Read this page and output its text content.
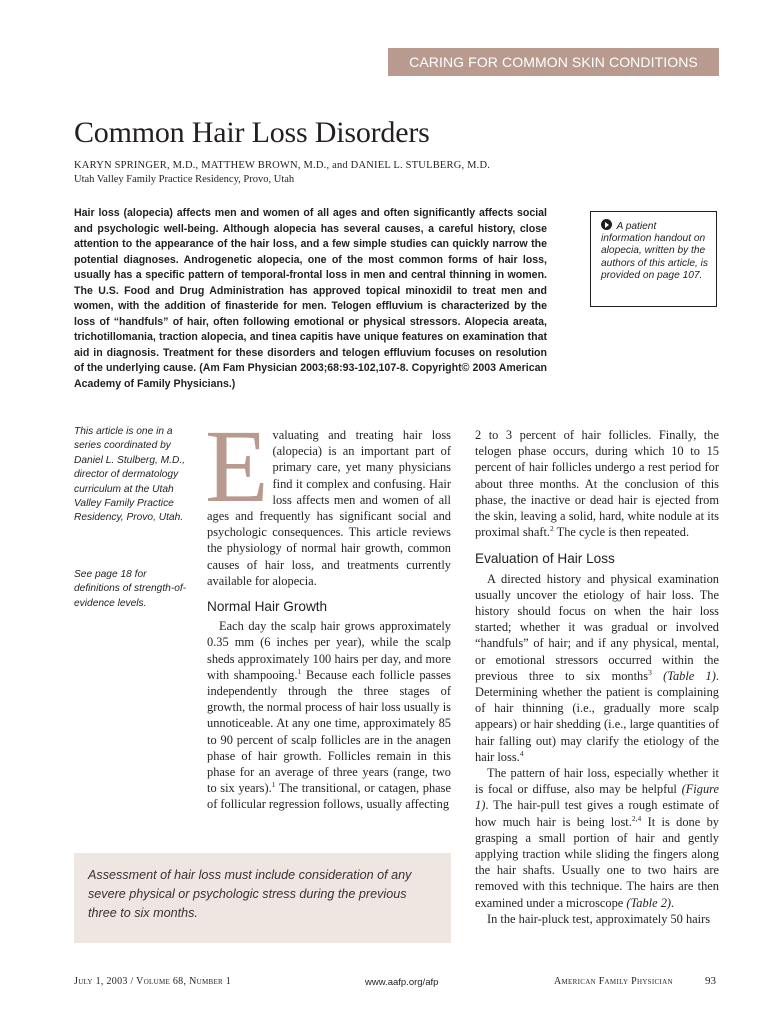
CARING FOR COMMON SKIN CONDITIONS
Common Hair Loss Disorders
KARYN SPRINGER, M.D., MATTHEW BROWN, M.D., and DANIEL L. STULBERG, M.D.
Utah Valley Family Practice Residency, Provo, Utah

Hair loss (alopecia) affects men and women of all ages and often significantly affects social and psychologic well-being. Although alopecia has several causes, a careful history, close attention to the appearance of the hair loss, and a few simple studies can quickly narrow the potential diagnoses. Androgenetic alopecia, one of the most common forms of hair loss, usually has a specific pattern of temporal-frontal loss in men and central thinning in women. The U.S. Food and Drug Administration has approved topical minoxidil to treat men and women, with the addition of finasteride for men. Telogen effluvium is characterized by the loss of “handfuls” of hair, often following emotional or physical stressors. Alopecia areata, trichotillomania, traction alopecia, and tinea capitis have unique features on examination that aid in diagnosis. Treatment for these disorders and telogen effluvium focuses on resolution of the underlying cause. (Am Fam Physician 2003;68:93-102,107-8. Copyright© 2003 American Academy of Family Physicians.)

A patient information handout on alopecia, written by the authors of this article, is provided on page 107.

This article is one in a series coordinated by Daniel L. Stulberg, M.D., director of dermatology curriculum at the Utah Valley Family Practice Residency, Provo, Utah.

See page 18 for definitions of strength-of-evidence levels.

Evaluating and treating hair loss (alopecia) is an important part of primary care, yet many physicians find it complex and confusing. Hair loss affects men and women of all ages and frequently has significant social and psychologic consequences. This article reviews the physiology of normal hair growth, common causes of hair loss, and treatments currently available for alopecia.

Normal Hair Growth

Each day the scalp hair grows approximately 0.35 mm (6 inches per year), while the scalp sheds approximately 100 hairs per day, and more with shampooing.$^1$ Because each follicle passes independently through the three stages of growth, the normal process of hair loss usually is unnoticeable. At any one time, approximately 85 to 90 percent of scalp follicles are in the anagen phase of hair growth. Follicles remain in this phase for an average of three years (range, two to six years).$^1$ The transitional, or catagen, phase of follicular regression follows, usually affecting

2 to 3 percent of hair follicles. Finally, the telogen phase occurs, during which 10 to 15 percent of hair follicles undergo a rest period for about three months. At the conclusion of this phase, the inactive or dead hair is ejected from the skin, leaving a solid, hard, white nodule at its proximal shaft.$^2$ The cycle is then repeated.

Evaluation of Hair Loss

A directed history and physical examination usually uncover the etiology of hair loss. The history should focus on when the hair loss started; whether it was gradual or involved “handfuls” of hair; and if any physical, mental, or emotional stressors occurred within the previous three to six months$^3$ (Table 1). Determining whether the patient is complaining of hair thinning (i.e., gradually more scalp appears) or hair shedding (i.e., large quantities of hair falling out) may clarify the etiology of the hair loss.$^4$

The pattern of hair loss, especially whether it is focal or diffuse, also may be helpful (Figure 1). The hair-pull test gives a rough estimate of how much hair is being lost.$^{2,4}$ It is done by grasping a small portion of hair and gently applying traction while sliding the fingers along the hair shafts. Usually one to two hairs are removed with this technique. The hairs are then examined under a microscope (Table 2).

In the hair-pluck test, approximately 50 hairs

Assessment of hair loss must include consideration of any severe physical or psychologic stress during the previous three to six months.

July 1, 2003 / Volume 68, Number 1	www.aafp.org/afp	American Family Physician	93
